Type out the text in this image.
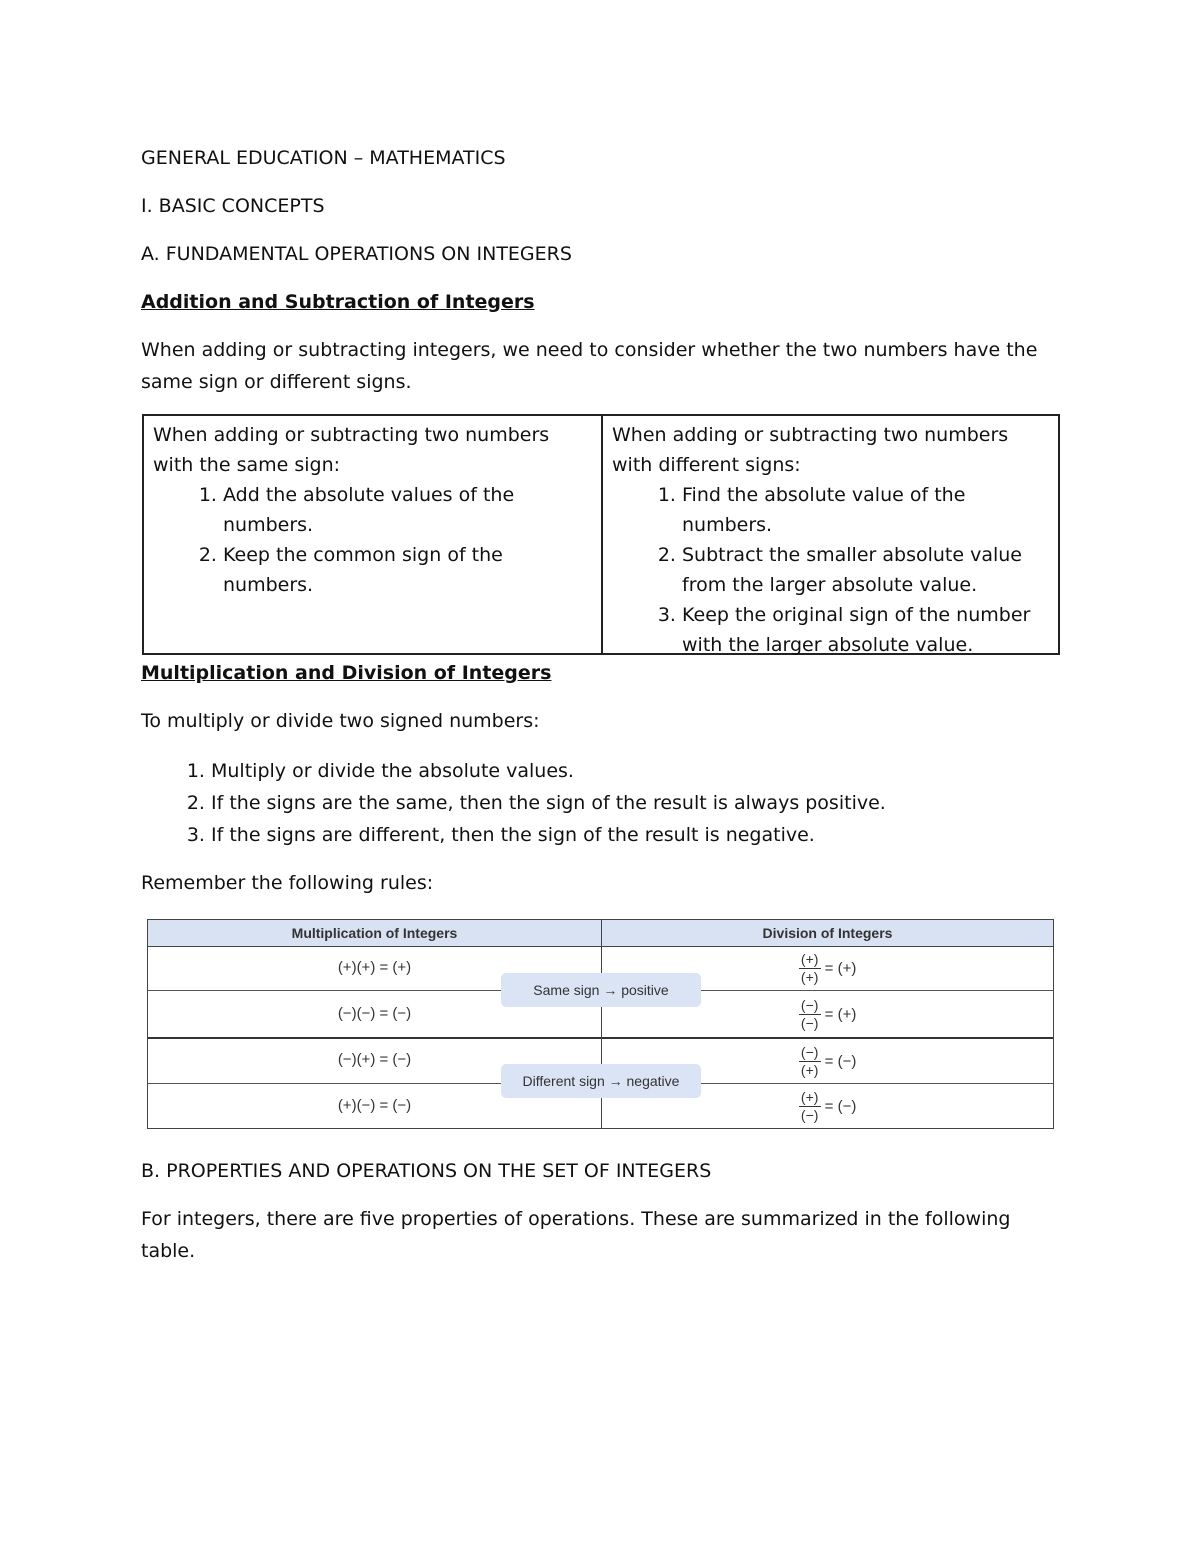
GENERAL EDUCATION – MATHEMATICS
I. BASIC CONCEPTS
A. FUNDAMENTAL OPERATIONS ON INTEGERS
Addition and Subtraction of Integers
When adding or subtracting integers, we need to consider whether the two numbers have the same sign or different signs.
When adding or subtracting two numbers with the same sign:
1. Add the absolute values of the numbers.
2. Keep the common sign of the numbers.
When adding or subtracting two numbers with different signs:
1. Find the absolute value of the numbers.
2. Subtract the smaller absolute value from the larger absolute value.
3. Keep the original sign of the number with the larger absolute value.
Multiplication and Division of Integers
To multiply or divide two signed numbers:
1. Multiply or divide the absolute values.
2. If the signs are the same, then the sign of the result is always positive.
3. If the signs are different, then the sign of the result is negative.
Remember the following rules:
Multiplication of Integers	Division of Integers
(+)(+) = (+)	$\frac{(+)}{(+)}$ = (+)
(−)(−) = (−)	$\frac{(-)}{(-)}$ = (+)
(−)(+) = (−)	$\frac{(-)}{(+)}$ = (−)
(+)(−) = (−)	$\frac{(+)}{(-)}$ = (−)
Same sign → positive
Different sign → negative
B. PROPERTIES AND OPERATIONS ON THE SET OF INTEGERS
For integers, there are five properties of operations. These are summarized in the following table.
